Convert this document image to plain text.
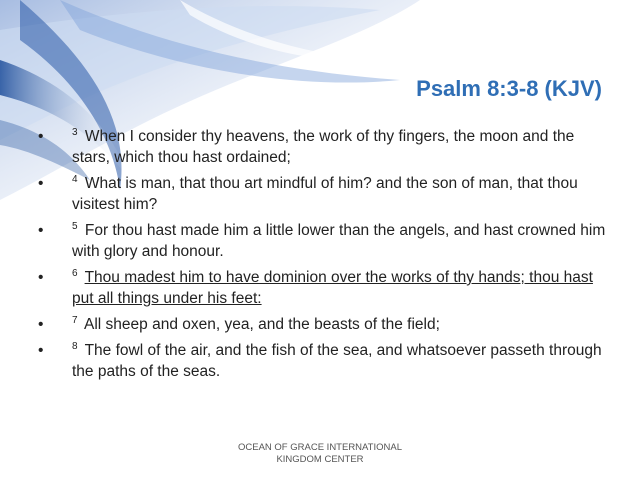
Psalm 8:3-8 (KJV)
•	$^3$ When I consider thy heavens, the work of thy fingers, the moon and the stars, which thou hast ordained;
•	$^4$ What is man, that thou art mindful of him? and the son of man, that thou visitest him?
•	$^5$ For thou hast made him a little lower than the angels, and hast crowned him with glory and honour.
•	$^6$ Thou madest him to have dominion over the works of thy hands; thou hast put all things under his feet:
•	$^7$ All sheep and oxen, yea, and the beasts of the field;
•	$^8$ The fowl of the air, and the fish of the sea, and whatsoever passeth through the paths of the seas.
OCEAN OF GRACE INTERNATIONAL
KINGDOM CENTER
